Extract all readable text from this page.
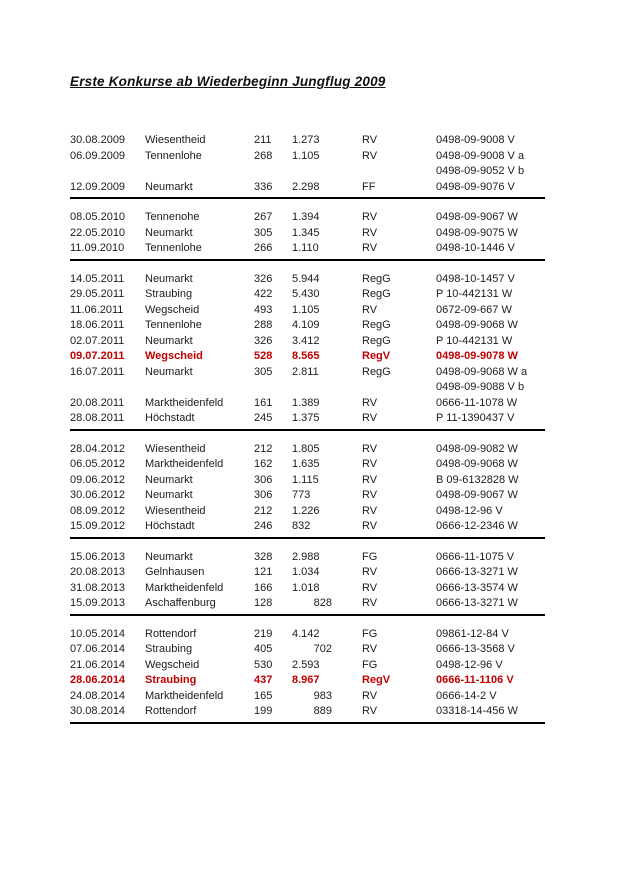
Erste Konkurse ab Wiederbeginn Jungflug 2009
30.08.2009	Wiesentheid	211	1.273	RV	0498-09-9008 V
06.09.2009	Tennenlohe	268	1.105	RV	0498-09-9008 V a
0498-09-9052 V b
12.09.2009	Neumarkt	336	2.298	FF	0498-09-9076 V
08.05.2010	Tennenohe	267	1.394	RV	0498-09-9067 W
22.05.2010	Neumarkt	305	1.345	RV	0498-09-9075 W
11.09.2010	Tennenlohe	266	1.110	RV	0498-10-1446 V
14.05.2011	Neumarkt	326	5.944	RegG	0498-10-1457 V
29.05.2011	Straubing	422	5.430	RegG	P 10-442131 W
11.06.2011	Wegscheid	493	1.105	RV	0672-09-667 W
18.06.2011	Tennenlohe	288	4.109	RegG	0498-09-9068 W
02.07.2011	Neumarkt	326	3.412	RegG	P 10-442131 W
09.07.2011	Wegscheid	528	8.565	RegV	0498-09-9078 W
16.07.2011	Neumarkt	305	2.811	RegG	0498-09-9068 W a
0498-09-9088 V b
20.08.2011	Marktheidenfeld	161	1.389	RV	0666-11-1078 W
28.08.2011	Höchstadt	245	1.375	RV	P 11-1390437 V
28.04.2012	Wiesentheid	212	1.805	RV	0498-09-9082 W
06.05.2012	Marktheidenfeld	162	1.635	RV	0498-09-9068 W
09.06.2012	Neumarkt	306	1.115	RV	B 09-6132828 W
30.06.2012	Neumarkt	306	773	RV	0498-09-9067 W
08.09.2012	Wiesentheid	212	1.226	RV	0498-12-96 V
15.09.2012	Höchstadt	246	832	RV	0666-12-2346 W
15.06.2013	Neumarkt	328	2.988	FG	0666-11-1075 V
20.08.2013	Gelnhausen	121	1.034	RV	0666-13-3271 W
31.08.2013	Marktheidenfeld	166	1.018	RV	0666-13-3574 W
15.09.2013	Aschaffenburg	128	828	RV	0666-13-3271 W
10.05.2014	Rottendorf	219	4.142	FG	09861-12-84 V
07.06.2014	Straubing	405	702	RV	0666-13-3568 V
21.06.2014	Wegscheid	530	2.593	FG	0498-12-96 V
28.06.2014	Straubing	437	8.967	RegV	0666-11-1106 V
24.08.2014	Marktheidenfeld	165	983	RV	0666-14-2 V
30.08.2014	Rottendorf	199	889	RV	03318-14-456 W
